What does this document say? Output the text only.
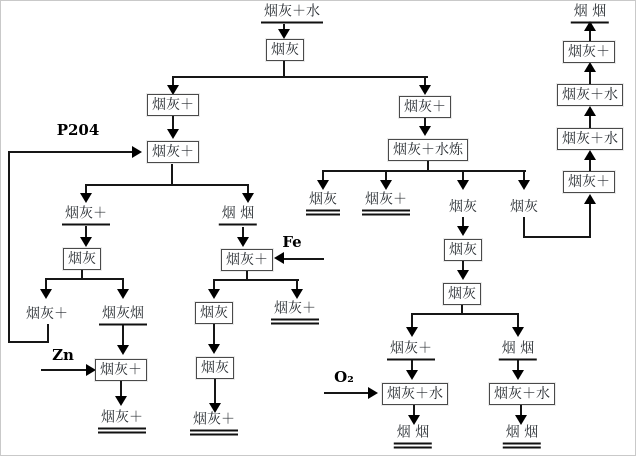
烟灰＋水
烟灰
烟灰＋
烟灰＋
烟灰＋	烟 烟
烟灰
烟灰＋ 烟灰烟
烟灰＋
烟灰＋
烟灰＋
烟灰
烟灰
烟灰＋
烟灰＋
烟灰＋
烟灰＋水炼
烟灰 烟灰＋	烟灰 烟灰
烟灰
烟灰
烟灰＋
烟灰＋水
烟 烟
烟 烟
烟灰＋水
烟 烟
烟灰＋
烟灰＋水
烟灰＋水
烟灰＋
烟 烟
P204
Zn
Fe
O₂
